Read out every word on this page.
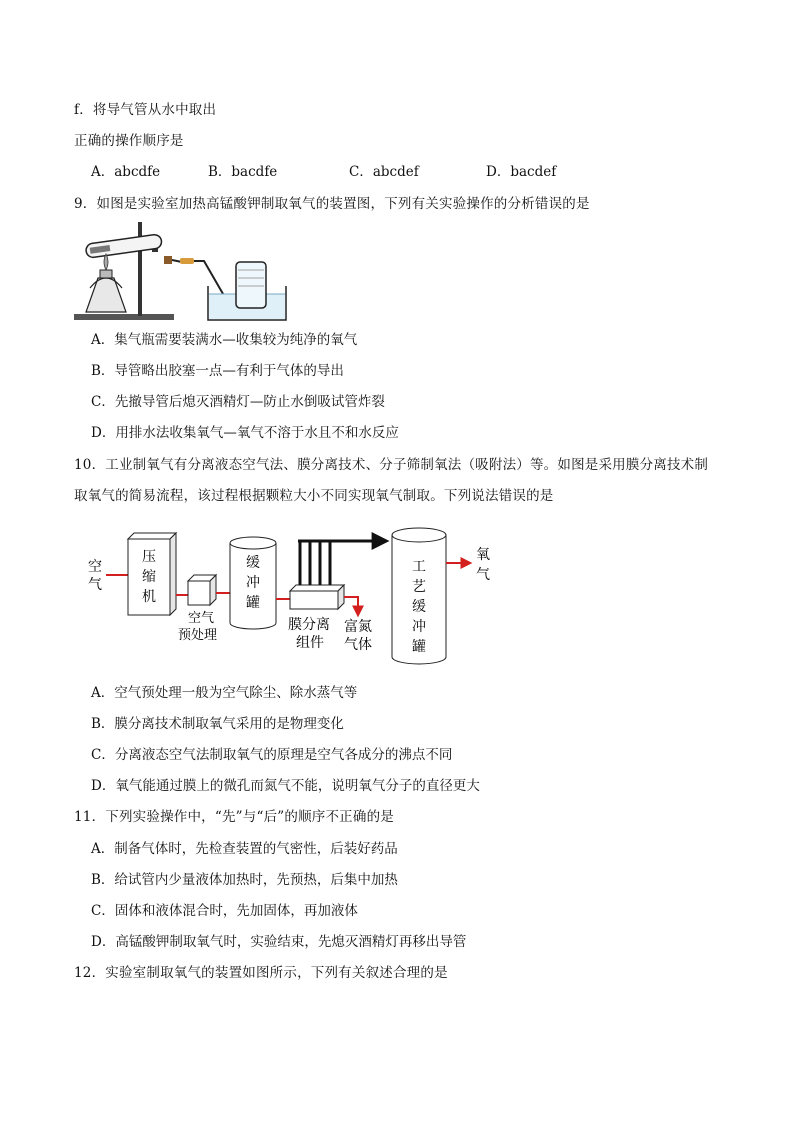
f．将导气管从水中取出
正确的操作顺序是
A．abcdfe	B．bacdfe	C．abcdef	D．bacdef
9．如图是实验室加热高锰酸钾制取氧气的装置图，下列有关实验操作的分析错误的是
A．集气瓶需要装满水—收集较为纯净的氧气
B．导管略出胶塞一点—有利于气体的导出
C．先撤导管后熄灭酒精灯—防止水倒吸试管炸裂
D．用排水法收集氧气—氧气不溶于水且不和水反应
10．工业制氧气有分离液态空气法、膜分离技术、分子筛制氧法（吸附法）等。如图是采用膜分离技术制
取氧气的简易流程，该过程根据颗粒大小不同实现氧气制取。下列说法错误的是
空
气
压
缩
机
空气
预处理
缓
冲
罐
膜分离
组件
富氮
气体
工
艺
缓
冲
罐
氧
气
A．空气预处理一般为空气除尘、除水蒸气等
B．膜分离技术制取氧气采用的是物理变化
C．分离液态空气法制取氧气的原理是空气各成分的沸点不同
D．氧气能通过膜上的微孔而氮气不能，说明氧气分子的直径更大
11．下列实验操作中，“先”与“后”的顺序不正确的是
A．制备气体时，先检查装置的气密性，后装好药品
B．给试管内少量液体加热时，先预热，后集中加热
C．固体和液体混合时，先加固体，再加液体
D．高锰酸钾制取氧气时，实验结束，先熄灭酒精灯再移出导管
12．实验室制取氧气的装置如图所示，下列有关叙述合理的是
